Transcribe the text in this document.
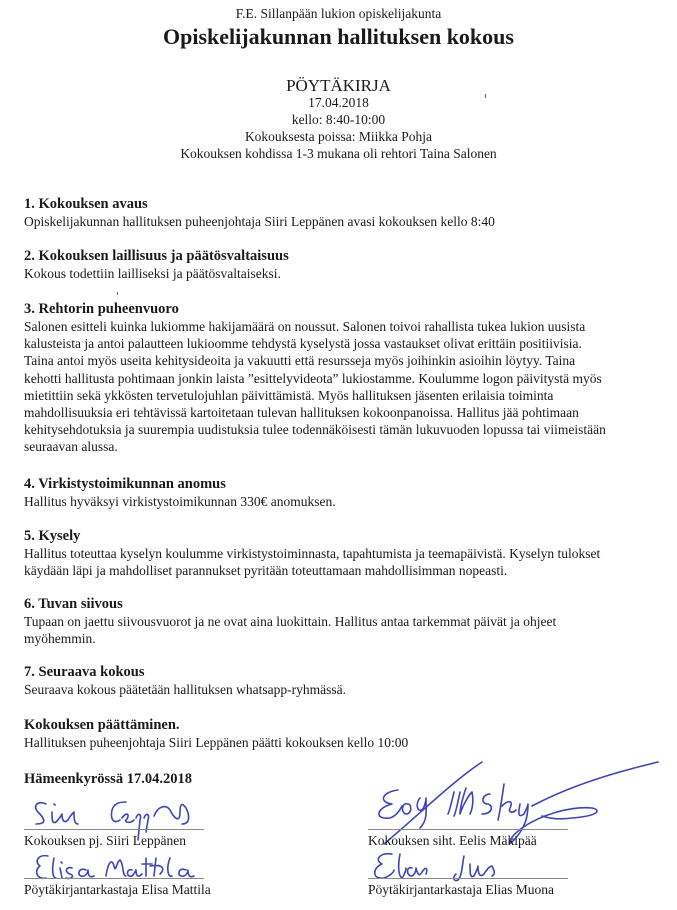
F.E. Sillanpään lukion opiskelijakunta
Opiskelijakunnan hallituksen kokous
PÖYTÄKIRJA
17.04.2018
kello: 8:40-10:00
Kokouksesta poissa: Miikka Pohja
Kokouksen kohdissa 1-3 mukana oli rehtori Taina Salonen
1. Kokouksen avaus

Opiskelijakunnan hallituksen puheenjohtaja Siiri Leppänen avasi kokouksen kello 8:40

2. Kokouksen laillisuus ja päätösvaltaisuus

Kokous todettiin lailliseksi ja päätösvaltaiseksi.

3. Rehtorin puheenvuoro

Salonen esitteli kuinka lukiomme hakijamäärä on noussut. Salonen toivoi rahallista tukea lukion uusista

kalusteista ja antoi palautteen lukioomme tehdystä kyselystä jossa vastaukset olivat erittäin positiivisia.

Taina antoi myös useita kehitysideoita ja vakuutti että resursseja myös joihinkin asioihin löytyy. Taina

kehotti hallitusta pohtimaan jonkin laista ”esittelyvideota” lukiostamme. Koulumme logon päivitystä myös

mietittiin sekä ykkösten tervetulojuhlan päivittämistä. Myös hallituksen jäsenten erilaisia toiminta

mahdollisuuksia eri tehtävissä kartoitetaan tulevan hallituksen kokoonpanoissa. Hallitus jää pohtimaan

kehitysehdotuksia ja suurempia uudistuksia tulee todennäköisesti tämän lukuvuoden lopussa tai viimeistään

seuraavan alussa.

4. Virkistystoimikunnan anomus

Hallitus hyväksyi virkistystoimikunnan 330€ anomuksen.

5. Kysely

Hallitus toteuttaa kyselyn koulumme virkistystoiminnasta, tapahtumista ja teemapäivistä. Kyselyn tulokset

käydään läpi ja mahdolliset parannukset pyritään toteuttamaan mahdollisimman nopeasti.

6. Tuvan siivous

Tupaan on jaettu siivousvuorot ja ne ovat aina luokittain. Hallitus antaa tarkemmat päivät ja ohjeet

myöhemmin.

7. Seuraava kokous

Seuraava kokous päätetään hallituksen whatsapp-ryhmässä.

Kokouksen päättäminen.

Hallituksen puheenjohtaja Siiri Leppänen päätti kokouksen kello 10:00

Hämeenkyrössä 17.04.2018
Kokouksen pj. Siiri Leppänen
Pöytäkirjantarkastaja Elisa Mattila
Kokouksen siht. Eelis Mäkipää
Pöytäkirjantarkastaja Elias Muona
